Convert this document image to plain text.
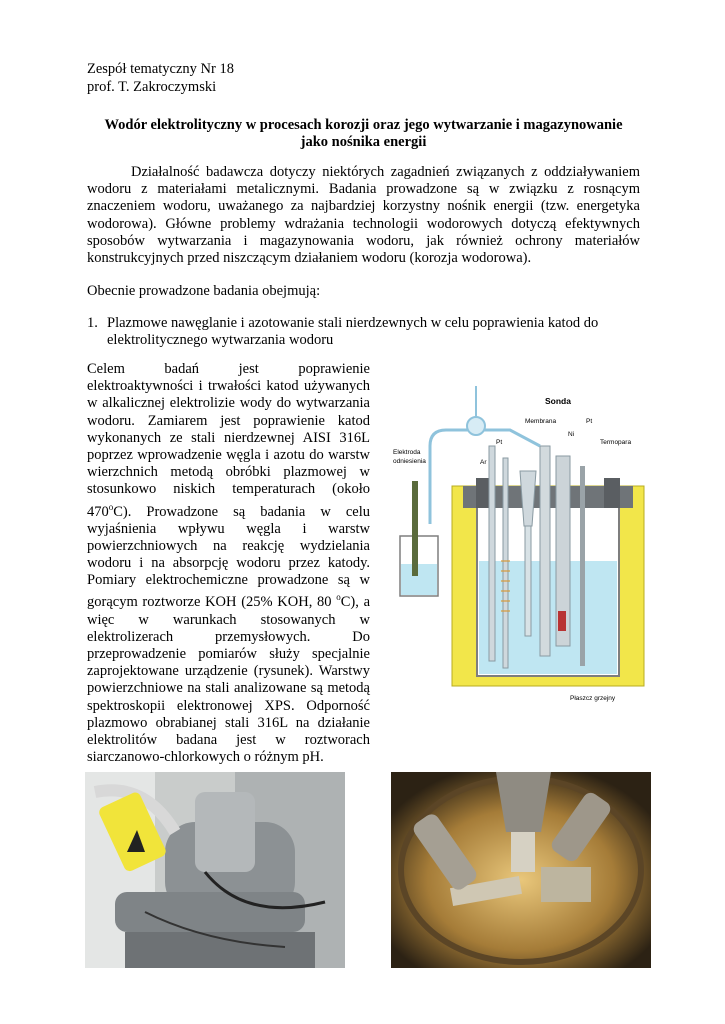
Zespół tematyczny Nr 18
prof. T. Zakroczymski
Wodór elektrolityczny w procesach korozji oraz jego wytwarzanie i magazynowanie
jako nośnika energii
Działalność badawcza dotyczy niektórych zagadnień związanych z oddziaływaniem wodoru z materiałami metalicznymi. Badania prowadzone są w związku z rosnącym znaczeniem wodoru, uważanego za najbardziej korzystny nośnik energii (tzw. energetyka wodorowa). Główne problemy wdrażania technologii wodorowych dotyczą efektywnych sposobów wytwarzania i magazynowania wodoru, jak również ochrony materiałów konstrukcyjnych przed niszczącym działaniem wodoru (korozja wodorowa).
Obecnie prowadzone badania obejmują:
1. Plazmowe nawęglanie i azotowanie stali nierdzewnych w celu poprawienia katod do elektrolitycznego wytwarzania wodoru
Celem badań jest poprawienie elektroaktywności i trwałości katod używanych w alkalicznej elektrolizie wody do wytwarzania wodoru. Zamiarem jest poprawienie katod wykonanych ze stali nierdzewnej AISI 316L poprzez wprowadzenie węgla i azotu do warstw wierzchnich metodą obróbki plazmowej w stosunkowo niskich temperaturach (około 470$^o$C). Prowadzone są badania w celu wyjaśnienia wpływu węgla i warstw powierzchniowych na reakcję wydzielania wodoru i na absorpcję wodoru przez katody. Pomiary elektrochemiczne prowadzone są w gorącym roztworze KOH (25% KOH, 80 $^o$C), a więc w warunkach stosowanych w elektrolizerach przemysłowych. Do przeprowadzenie pomiarów służy specjalnie zaprojektowane urządzenie (rysunek). Warstwy powierzchniowe na stali analizowane są metodą spektroskopii elektronowej XPS. Odporność plazmowo obrabianej stali 316L na działanie elektrolitów badana jest w roztworach siarczanowo-chlorkowych o różnym pH.
Sonda
Membrana	Pt
Ni
Termopara
Pt
Ar
Elektroda
odniesienia
Płaszcz grzejny
